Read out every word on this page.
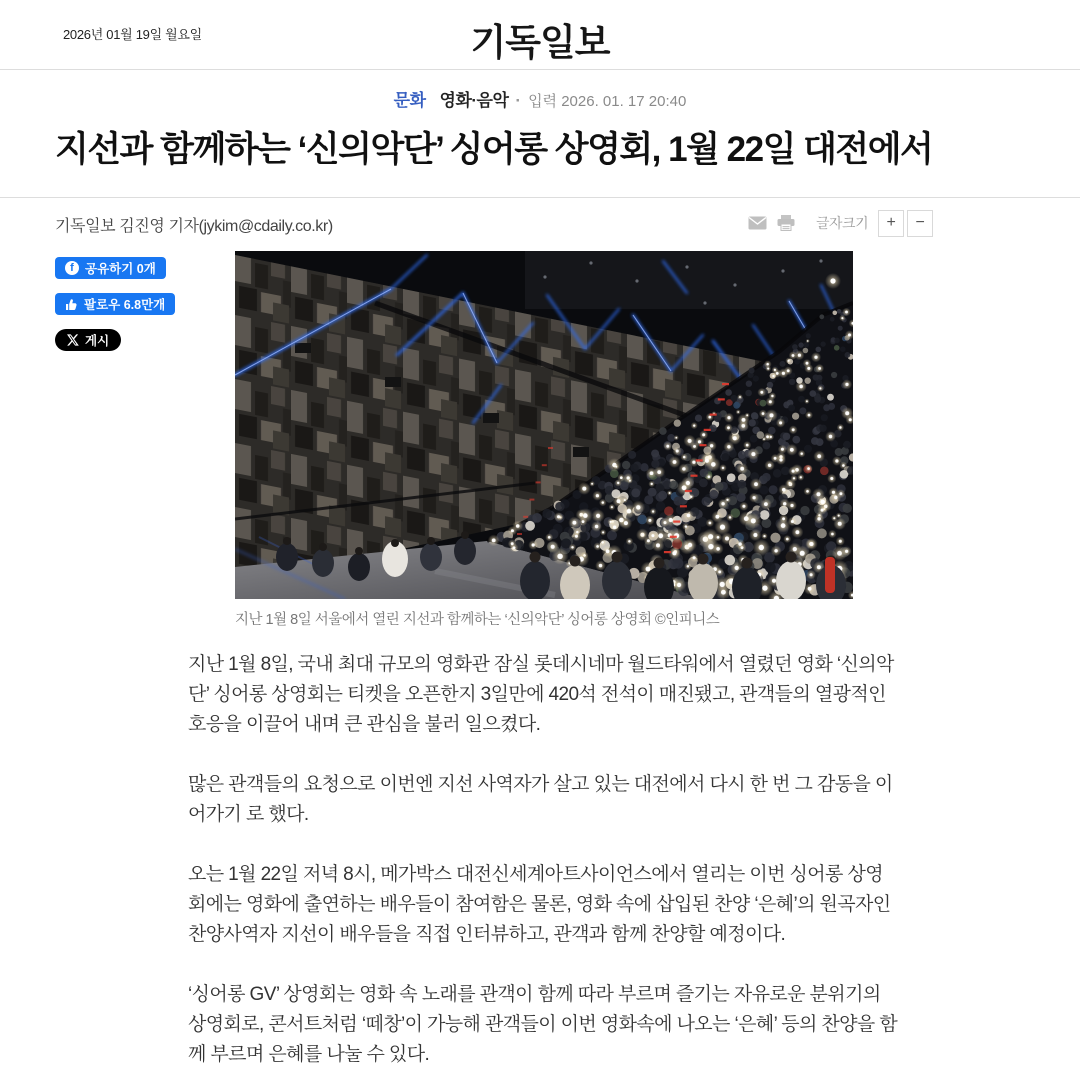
2026년 01월 19일 월요일	기독일보
문화 영화·음악 · 입력 2026. 01. 17 20:40
지선과 함께하는 ‘신의악단’ 싱어롱 상영회, 1월 22일 대전에서
기독일보 김진영 기자(jykim@cdaily.co.kr)	글자크기	+	−
f 공유하기 0개
팔로우 6.8만개
게시
지난 1월 8일 서울에서 열린 지선과 함께하는 ‘신의악단’ 싱어롱 상영회 ©인피니스

지난 1월 8일, 국내 최대 규모의 영화관 잠실 롯데시네마 월드타워에서 열렸던 영화 ‘신의악단’ 싱어롱 상영회는 티켓을 오픈한지 3일만에 420석 전석이 매진됐고, 관객들의 열광적인 호응을 이끌어 내며 큰 관심을 불러 일으켰다.

많은 관객들의 요청으로 이번엔 지선 사역자가 살고 있는 대전에서 다시 한 번 그 감동을 이어가기 로 했다.

오는 1월 22일 저녁 8시, 메가박스 대전신세계아트사이언스에서 열리는 이번 싱어롱 상영회에는 영화에 출연하는 배우들이 참여함은 물론, 영화 속에 삽입된 찬양 ‘은혜’의 원곡자인 찬양사역자 지선이 배우들을 직접 인터뷰하고, 관객과 함께 찬양할 예정이다.

‘싱어롱 GV’ 상영회는 영화 속 노래를 관객이 함께 따라 부르며 즐기는 자유로운 분위기의 상영회로, 콘서트처럼 ‘떼창’이 가능해 관객들이 이번 영화속에 나오는 ‘은혜’ 등의 찬양을 함께 부르며 은혜를 나눌 수 있다.
